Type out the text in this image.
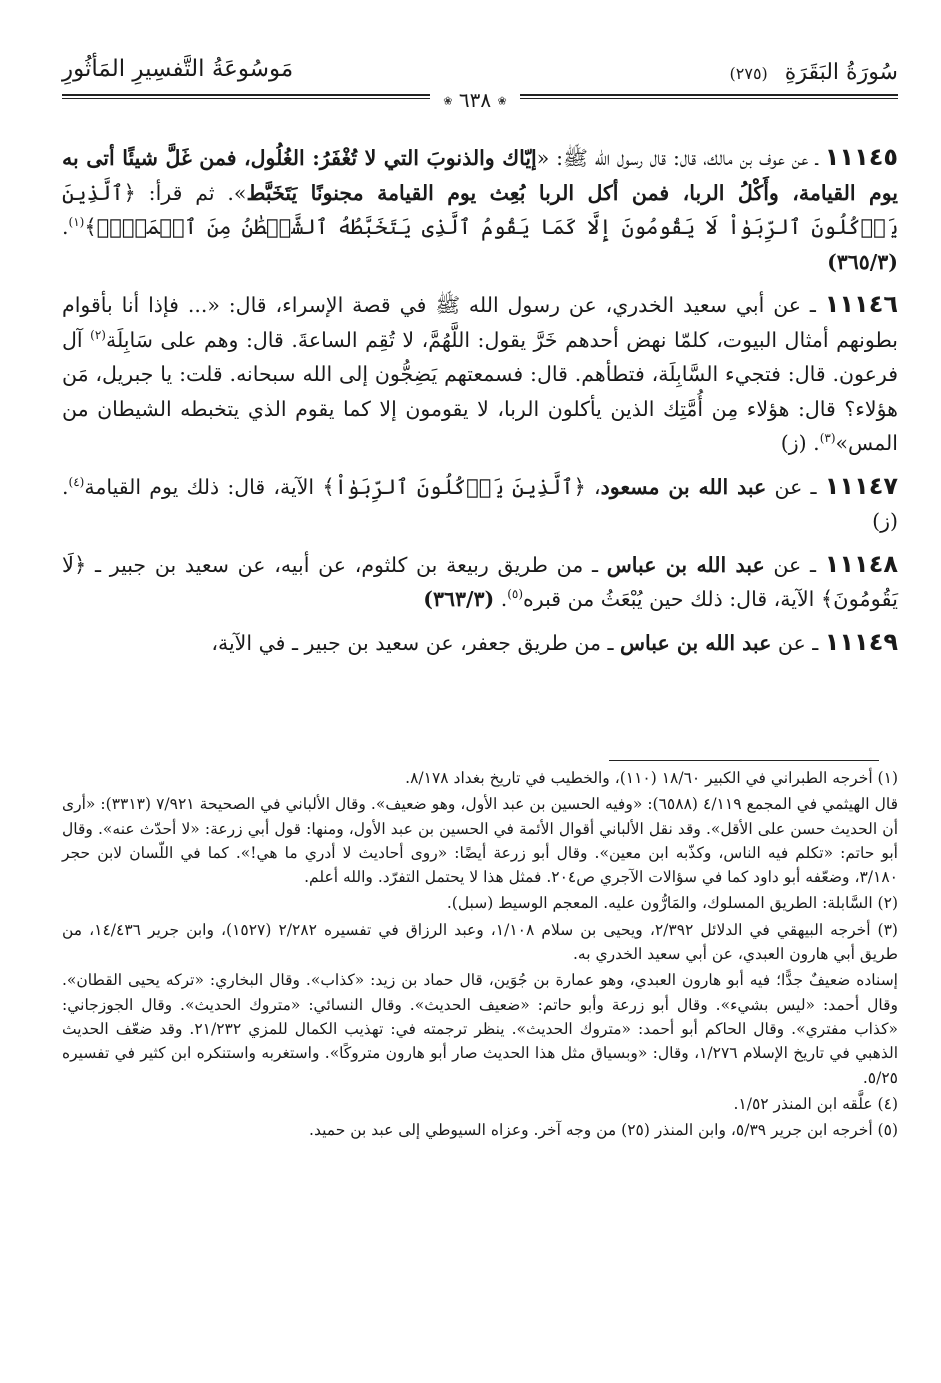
سُورَةُ البَقَرَةِ (٢٧٥)
مَوسُوعَةُ التَّفسِيرِ المَأثُورِ
❀ ٦٣٨ ❀

١١١٤٥ ـ عن عوف بن مالك، قال: قال رسول الله ﷺ: «إيّاك والذنوبَ التي لا تُغْفَرُ: الغُلُول، فمن غَلَّ شيئًا أتى به يوم القيامة، وأَكْلُ الربا، فمن أكل الربا بُعِث يوم القيامة مجنونًا يَتَخَبَّط». ثم قرأ: ﴿ٱلَّذِينَ يَأۡكُلُونَ ٱلرِّبَوٰاْ لَا يَقُومُونَ إِلَّا كَمَا يَقُومُ ٱلَّذِى يَتَخَبَّطُهُ ٱلشَّيۡطَٰنُ مِنَ ٱلۡمَسِّۚ﴾$^{(١)}$. (٣٦٥/٣)

١١١٤٦ ـ عن أبي سعيد الخدري، عن رسول الله ﷺ في قصة الإسراء، قال: «... فإذا أنا بأقوام بطونهم أمثال البيوت، كلمّا نهض أحدهم خَرَّ يقول: اللَّهُمَّ، لا تُقِم الساعةَ. قال: وهم على سَابِلَة$^{(٢)}$ آل فرعون. قال: فتجيء السَّابِلَة، فتطأهم. قال: فسمعتهم يَضِجُّون إلى الله سبحانه. قلت: يا جبريل، مَن هؤلاء؟ قال: هؤلاء مِن أُمَّتِك الذين يأكلون الربا، لا يقومون إلا كما يقوم الذي يتخبطه الشيطان من المس»$^{(٣)}$. (ز)

١١١٤٧ ـ عن عبد الله بن مسعود، ﴿ٱلَّذِينَ يَأۡكُلُونَ ٱلرِّبَوٰاْ﴾ الآية، قال: ذلك يوم القيامة$^{(٤)}$. (ز)

١١١٤٨ ـ عن عبد الله بن عباس ـ من طريق ربيعة بن كلثوم، عن أبيه، عن سعيد بن جبير ـ ﴿لَا يَقُومُونَ﴾ الآية، قال: ذلك حين يُبْعَثُ من قبره$^{(٥)}$. (٣٦٣/٣)

١١١٤٩ ـ عن عبد الله بن عباس ـ من طريق جعفر، عن سعيد بن جبير ـ في الآية،

(١) أخرجه الطبراني في الكبير ١٨/٦٠ (١١٠)، والخطيب في تاريخ بغداد ٨/١٧٨.

قال الهيثمي في المجمع ٤/١١٩ (٦٥٨٨): «وفيه الحسين بن عبد الأول، وهو ضعيف». وقال الألباني في الصحيحة ٧/٩٢١ (٣٣١٣): «أرى أن الحديث حسن على الأقل». وقد نقل الألباني أقوال الأئمة في الحسين بن عبد الأول، ومنها: قول أبي زرعة: «لا أحدّث عنه». وقال أبو حاتم: «تكلم فيه الناس، وكذّبه ابن معين». وقال أبو زرعة أيضًا: «روى أحاديث لا أدري ما هي!». كما في اللّسان لابن حجر ٣/١٨٠، وضعّفه أبو داود كما في سؤالات الآجري ص٢٠٤. فمثل هذا لا يحتمل التفرّد. والله أعلم.

(٢) السَّابلة: الطريق المسلوك، والمَارُّون عليه. المعجم الوسيط (سبل).

(٣) أخرجه البيهقي في الدلائل ٢/٣٩٢، ويحيى بن سلام ١/١٠٨، وعبد الرزاق في تفسيره ٢/٢٨٢ (١٥٢٧)، وابن جرير ١٤/٤٣٦، من طريق أبي هارون العبدي، عن أبي سعيد الخدري به.

إسناده ضعيفٌ جدًّا؛ فيه أبو هارون العبدي، وهو عمارة بن جُوَين، قال حماد بن زيد: «كذاب». وقال البخاري: «تركه يحيى القطان». وقال أحمد: «ليس بشيء». وقال أبو زرعة وأبو حاتم: «ضعيف الحديث». وقال النسائي: «متروك الحديث». وقال الجوزجاني: «كذاب مفتري». وقال الحاكم أبو أحمد: «متروك الحديث». ينظر ترجمته في: تهذيب الكمال للمزي ٢١/٢٣٢. وقد ضعّف الحديث الذهبي في تاريخ الإسلام ١/٢٧٦، وقال: «وبسياق مثل هذا الحديث صار أبو هارون متروكًا». واستغربه واستنكره ابن كثير في تفسيره ٥/٢٥.

(٤) علَّقه ابن المنذر ١/٥٢.

(٥) أخرجه ابن جرير ٥/٣٩، وابن المنذر (٢٥) من وجه آخر. وعزاه السيوطي إلى عبد بن حميد.
